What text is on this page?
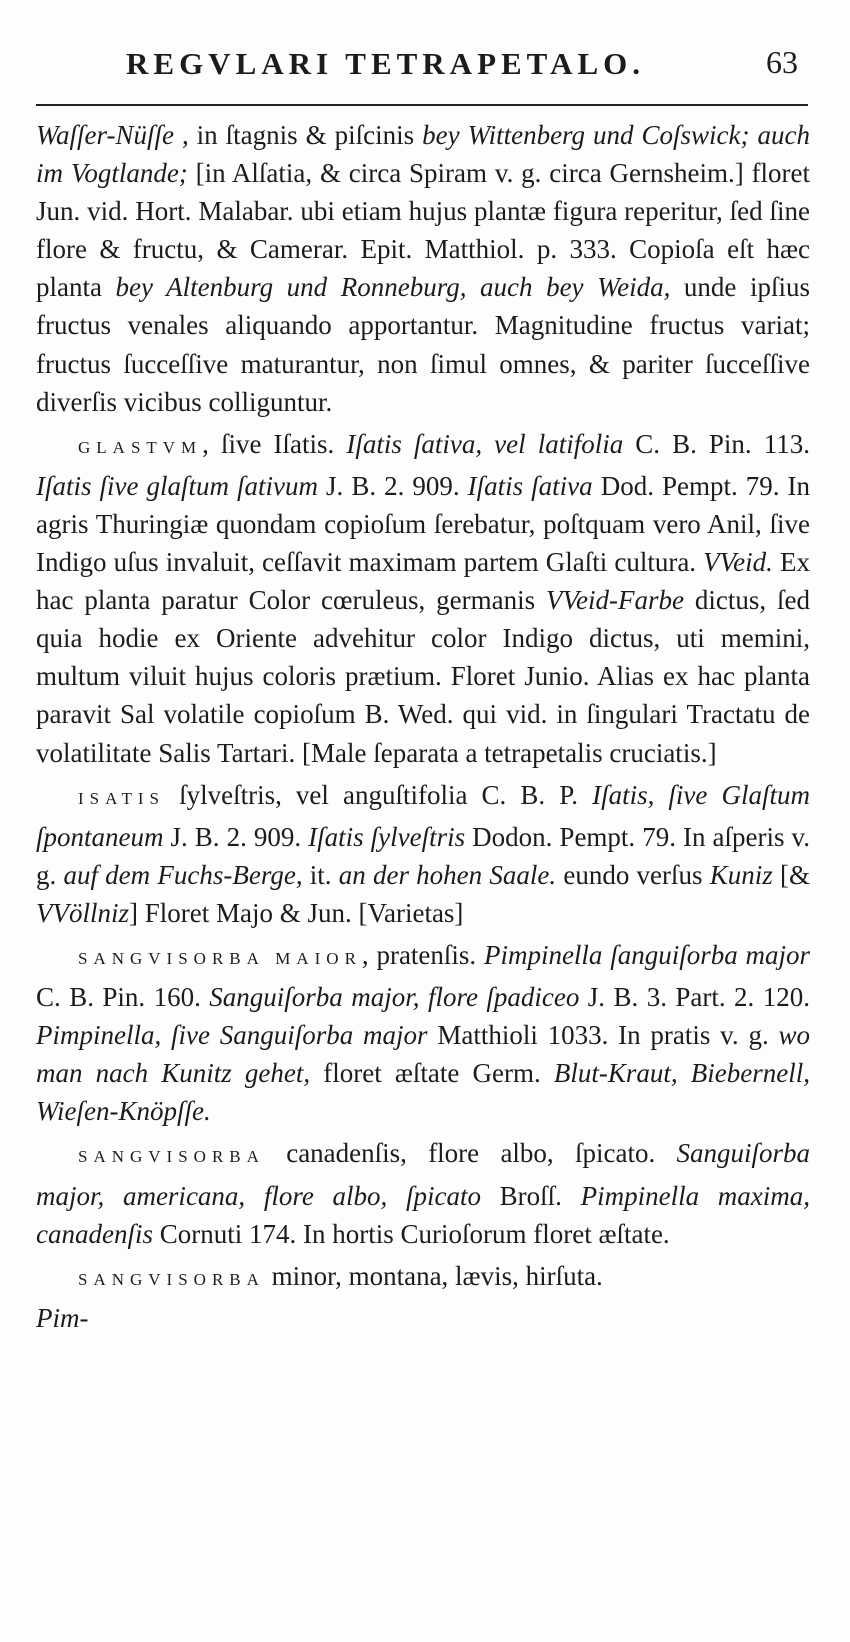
REGVLARI TETRAPETALO.	63

Waſſer-Nüſſe , in ſtagnis & piſcinis bey Wittenberg und Coſswick; auch im Vogtlande; [in Alſatia, & circa Spiram v. g. circa Gernsheim.] floret Jun. vid. Hort. Malabar. ubi etiam hujus plantæ figura reperitur, ſed ſine flore & fructu, & Camerar. Epit. Matthiol. p. 333. Copioſa eſt hæc planta bey Altenburg und Ronneburg, auch bey Weida, unde ipſius fructus venales aliquando apportantur. Magnitudine fructus variat; fructus ſucceſſive maturantur, non ſimul omnes, & pariter ſucceſſive diverſis vicibus colliguntur.

GLASTVM, ſive Iſatis. Iſatis ſativa, vel latifolia C. B. Pin. 113. Iſatis ſive glaſtum ſativum J. B. 2. 909. Iſatis ſativa Dod. Pempt. 79. In agris Thuringiæ quondam copioſum ſerebatur, poſtquam vero Anil, ſive Indigo uſus invaluit, ceſſavit maximam partem Glaſti cultura. VVeid. Ex hac planta paratur Color cœruleus, germanis VVeid-Farbe dictus, ſed quia hodie ex Oriente advehitur color Indigo dictus, uti memini, multum viluit hujus coloris prætium. Floret Junio. Alias ex hac planta paravit Sal volatile copioſum B. Wed. qui vid. in ſingulari Tractatu de volatilitate Salis Tartari. [Male ſeparata a tetrapetalis cruciatis.]

ISATIS ſylveſtris, vel anguſtifolia C. B. P. Iſatis, ſive Glaſtum ſpontaneum J. B. 2. 909. Iſatis ſylveſtris Dodon. Pempt. 79. In aſperis v. g. auf dem Fuchs-Berge, it. an der hohen Saale. eundo verſus Kuniz [& VVöllniz] Floret Majo & Jun. [Varietas]

SANGVISORBA MAIOR, pratenſis. Pimpinella ſanguiſorba major C. B. Pin. 160. Sanguiſorba major, flore ſpadiceo J. B. 3. Part. 2. 120. Pimpinella, ſive Sanguiſorba major Matthioli 1033. In pratis v. g. wo man nach Kunitz gehet, floret æſtate Germ. Blut-Kraut, Biebernell, Wieſen-Knöpſſe.

SANGVISORBA canadenſis, flore albo, ſpicato. Sanguiſorba major, americana, flore albo, ſpicato Broſſ. Pimpinella maxima, canadenſis Cornuti 174. In hortis Curioſorum floret æſtate.

SANGVISORBA minor, montana, lævis, hirſuta.

Pim-
